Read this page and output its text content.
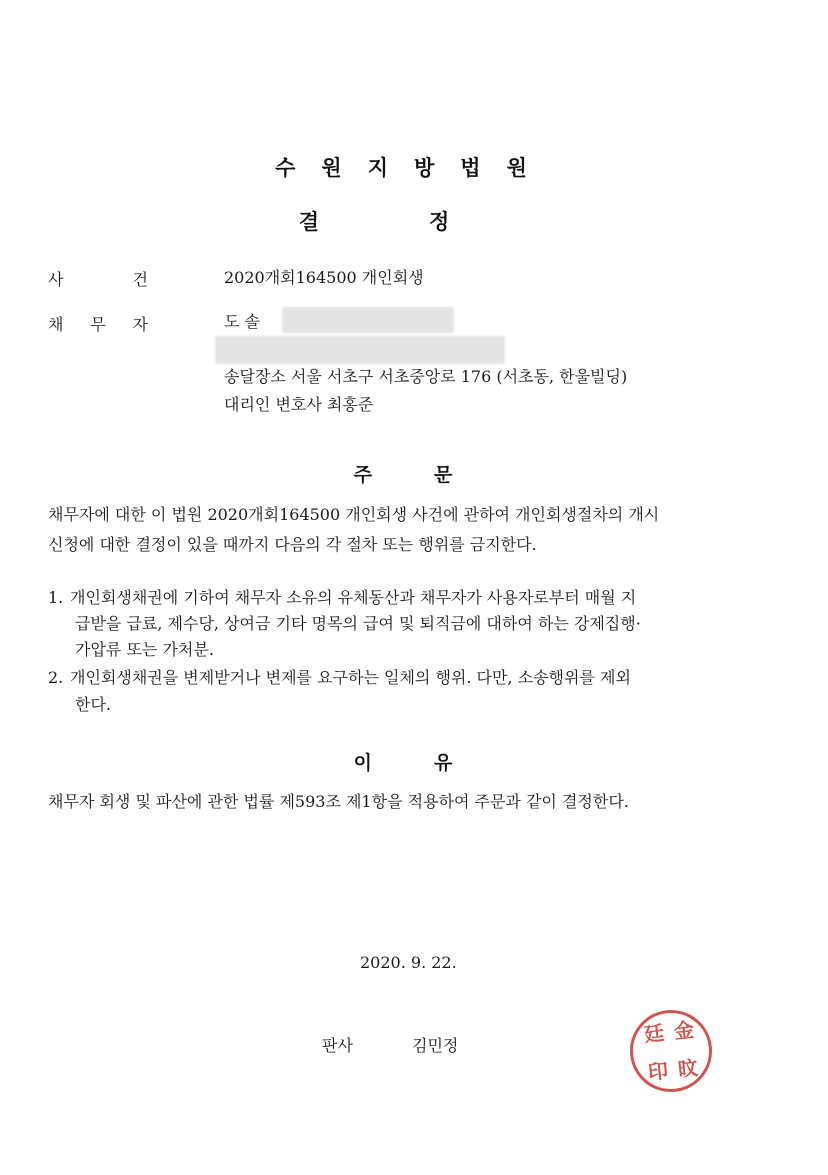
수원지방법원
결정
사	건	2020개회164500 개인회생
채 무 자	도 솔
송달장소 서울 서초구 서초중앙로 176 (서초동, 한울빌딩)
대리인 변호사 최홍준
주문
채무자에 대한 이 법원 2020개회164500 개인회생 사건에 관하여 개인회생절차의 개시
신청에 대한 결정이 있을 때까지 다음의 각 절차 또는 행위를 금지한다.
1. 개인회생채권에 기하여 채무자 소유의 유체동산과 채무자가 사용자로부터 매월 지
급받을 급료, 제수당, 상여금 기타 명목의 급여 및 퇴직금에 대하여 하는 강제집행·
가압류 또는 가처분.
2. 개인회생채권을 변제받거나 변제를 요구하는 일체의 행위. 다만, 소송행위를 제외
한다.
이유
채무자 회생 및 파산에 관한 법률 제593조 제1항을 적용하여 주문과 같이 결정한다.
2020. 9. 22.
판사	김민정	廷 金
印 旼
